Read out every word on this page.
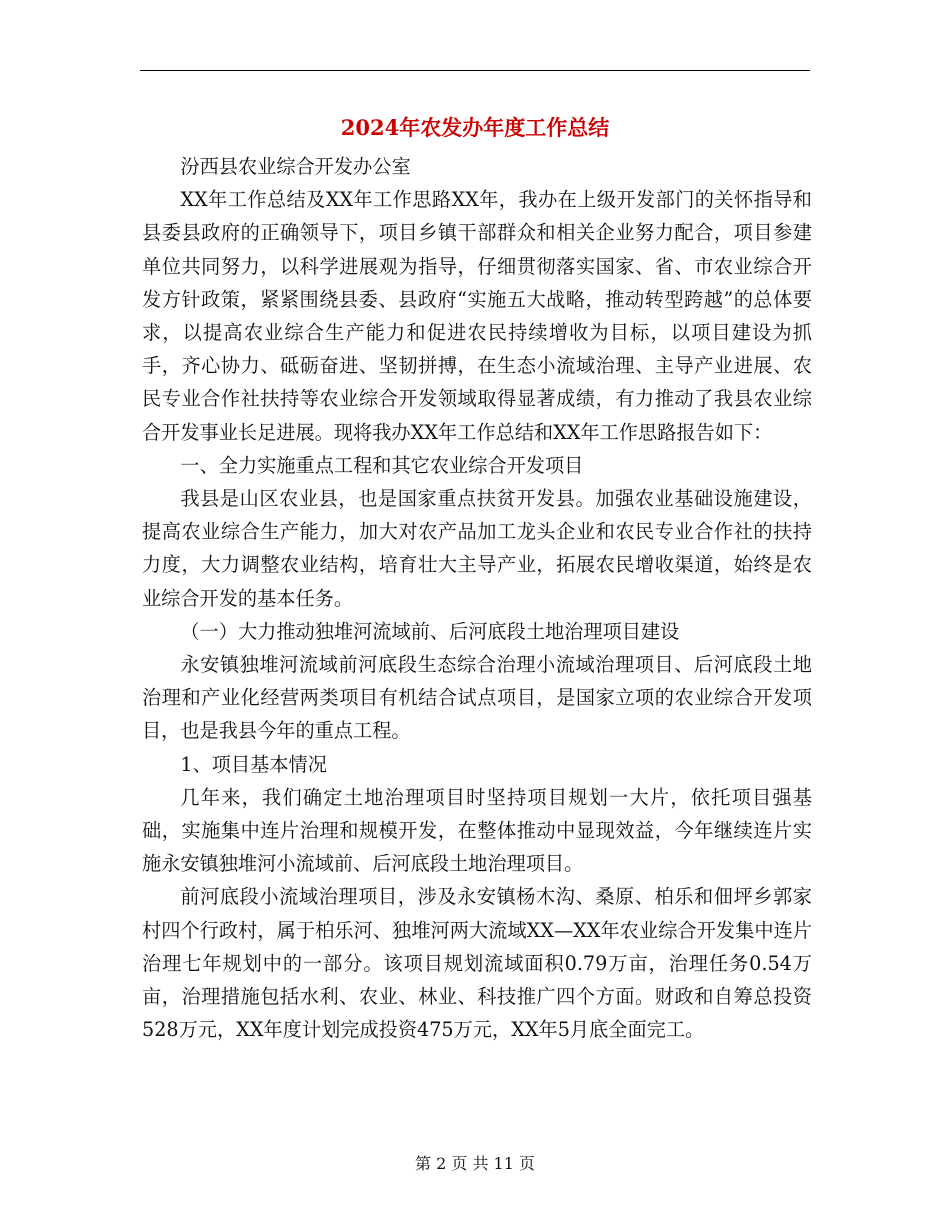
2024年农发办年度工作总结

汾西县农业综合开发办公室

XX年工作总结及XX年工作思路XX年，我办在上级开发部门的关怀指导和县委县政府的正确领导下，项目乡镇干部群众和相关企业努力配合，项目参建单位共同努力，以科学进展观为指导，仔细贯彻落实国家、省、市农业综合开发方针政策，紧紧围绕县委、县政府“实施五大战略，推动转型跨越”的总体要求，以提高农业综合生产能力和促进农民持续增收为目标，以项目建设为抓手，齐心协力、砥砺奋进、坚韧拼搏，在生态小流域治理、主导产业进展、农民专业合作社扶持等农业综合开发领域取得显著成绩，有力推动了我县农业综合开发事业长足进展。现将我办XX年工作总结和XX年工作思路报告如下：

一、全力实施重点工程和其它农业综合开发项目

我县是山区农业县，也是国家重点扶贫开发县。加强农业基础设施建设，提高农业综合生产能力，加大对农产品加工龙头企业和农民专业合作社的扶持力度，大力调整农业结构，培育壮大主导产业，拓展农民增收渠道，始终是农业综合开发的基本任务。

（一）大力推动独堆河流域前、后河底段土地治理项目建设

永安镇独堆河流域前河底段生态综合治理小流域治理项目、后河底段土地治理和产业化经营两类项目有机结合试点项目，是国家立项的农业综合开发项目，也是我县今年的重点工程。

1、项目基本情况

几年来，我们确定土地治理项目时坚持项目规划一大片，依托项目强基础，实施集中连片治理和规模开发，在整体推动中显现效益，今年继续连片实施永安镇独堆河小流域前、后河底段土地治理项目。

前河底段小流域治理项目，涉及永安镇杨木沟、桑原、柏乐和佃坪乡郭家村四个行政村，属于柏乐河、独堆河两大流域XX—XX年农业综合开发集中连片治理七年规划中的一部分。该项目规划流域面积0.79万亩，治理任务0.54万亩，治理措施包括水利、农业、林业、科技推广四个方面。财政和自筹总投资528万元，XX年度计划完成投资475万元，XX年5月底全面完工。

第 2 页 共 11 页
